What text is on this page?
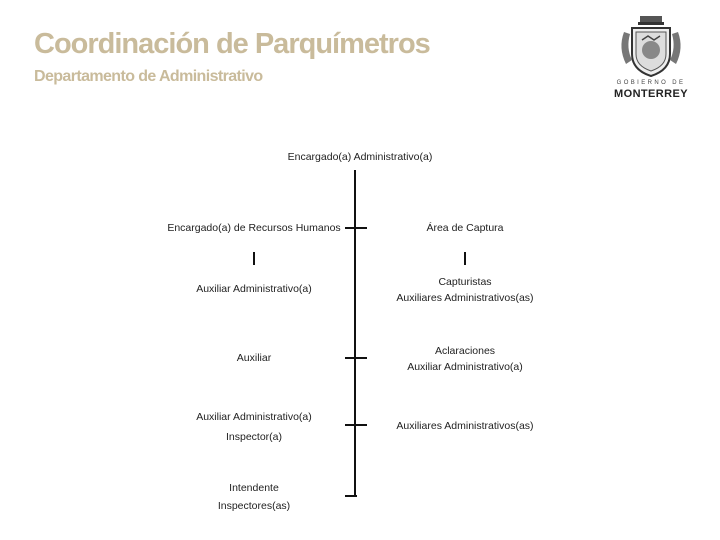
Coordinación de Parquímetros
Departamento de Administrativo	GOBIERNO DE
MONTERREY
Encargado(a) Administrativo(a)
Encargado(a) de Recursos Humanos	Área de Captura
Auxiliar Administrativo(a)
Auxiliar
Auxiliar Administrativo(a)
Inspector(a)
Intendente
Inspectores(as)
Capturistas
Auxiliares Administrativos(as)
Aclaraciones
Auxiliar Administrativo(a)
Auxiliares Administrativos(as)
